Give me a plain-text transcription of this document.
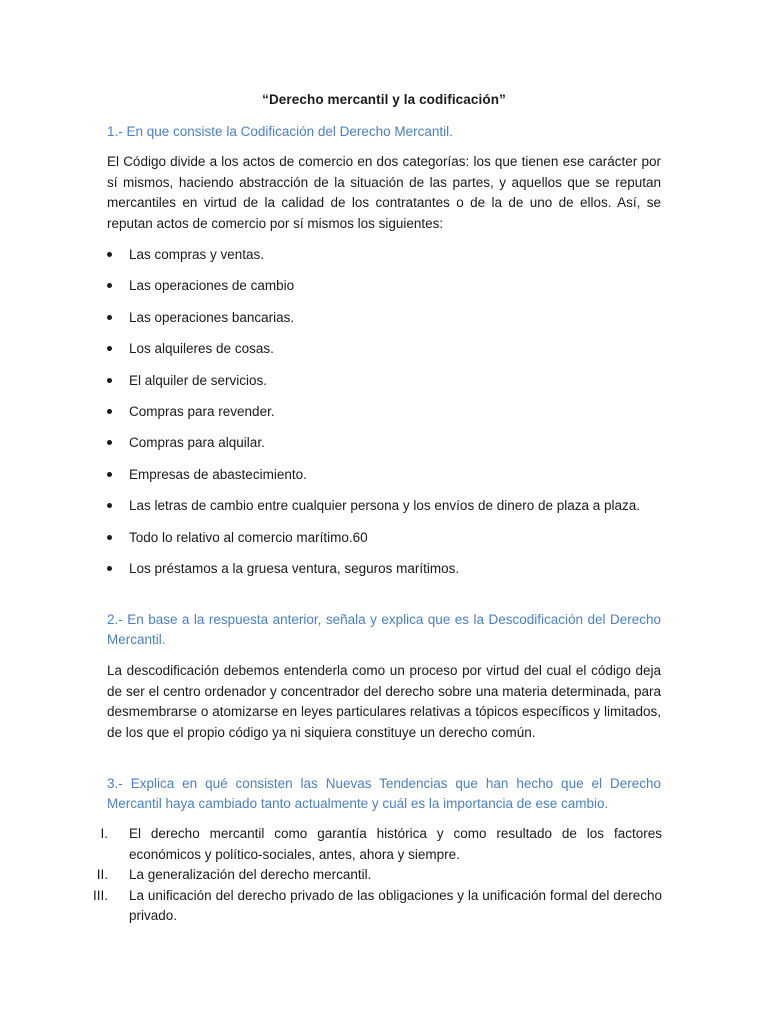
“Derecho mercantil y la codificación”
1.- En que consiste la Codificación del Derecho Mercantil.
El Código divide a los actos de comercio en dos categorías: los que tienen ese carácter por sí mismos, haciendo abstracción de la situación de las partes, y aquellos que se reputan mercantiles en virtud de la calidad de los contratantes o de la de uno de ellos. Así, se reputan actos de comercio por sí mismos los siguientes:
Las compras y ventas.
Las operaciones de cambio
Las operaciones bancarias.
Los alquileres de cosas.
El alquiler de servicios.
Compras para revender.
Compras para alquilar.
Empresas de abastecimiento.
Las letras de cambio entre cualquier persona y los envíos de dinero de plaza a plaza.
Todo lo relativo al comercio marítimo.60
Los préstamos a la gruesa ventura, seguros marítimos.
2.- En base a la respuesta anterior, señala y explica que es la Descodificación del Derecho Mercantil.
La descodificación debemos entenderla como un proceso por virtud del cual el código deja de ser el centro ordenador y concentrador del derecho sobre una materia determinada, para desmembrarse o atomizarse en leyes particulares relativas a tópicos específicos y limitados, de los que el propio código ya ni siquiera constituye un derecho común.
3.- Explica en qué consisten las Nuevas Tendencias que han hecho que el Derecho Mercantil haya cambiado tanto actualmente y cuál es la importancia de ese cambio.
I. El derecho mercantil como garantía histórica y como resultado de los factores económicos y político-sociales, antes, ahora y siempre.
II. La generalización del derecho mercantil.
III. La unificación del derecho privado de las obligaciones y la unificación formal del derecho privado.
